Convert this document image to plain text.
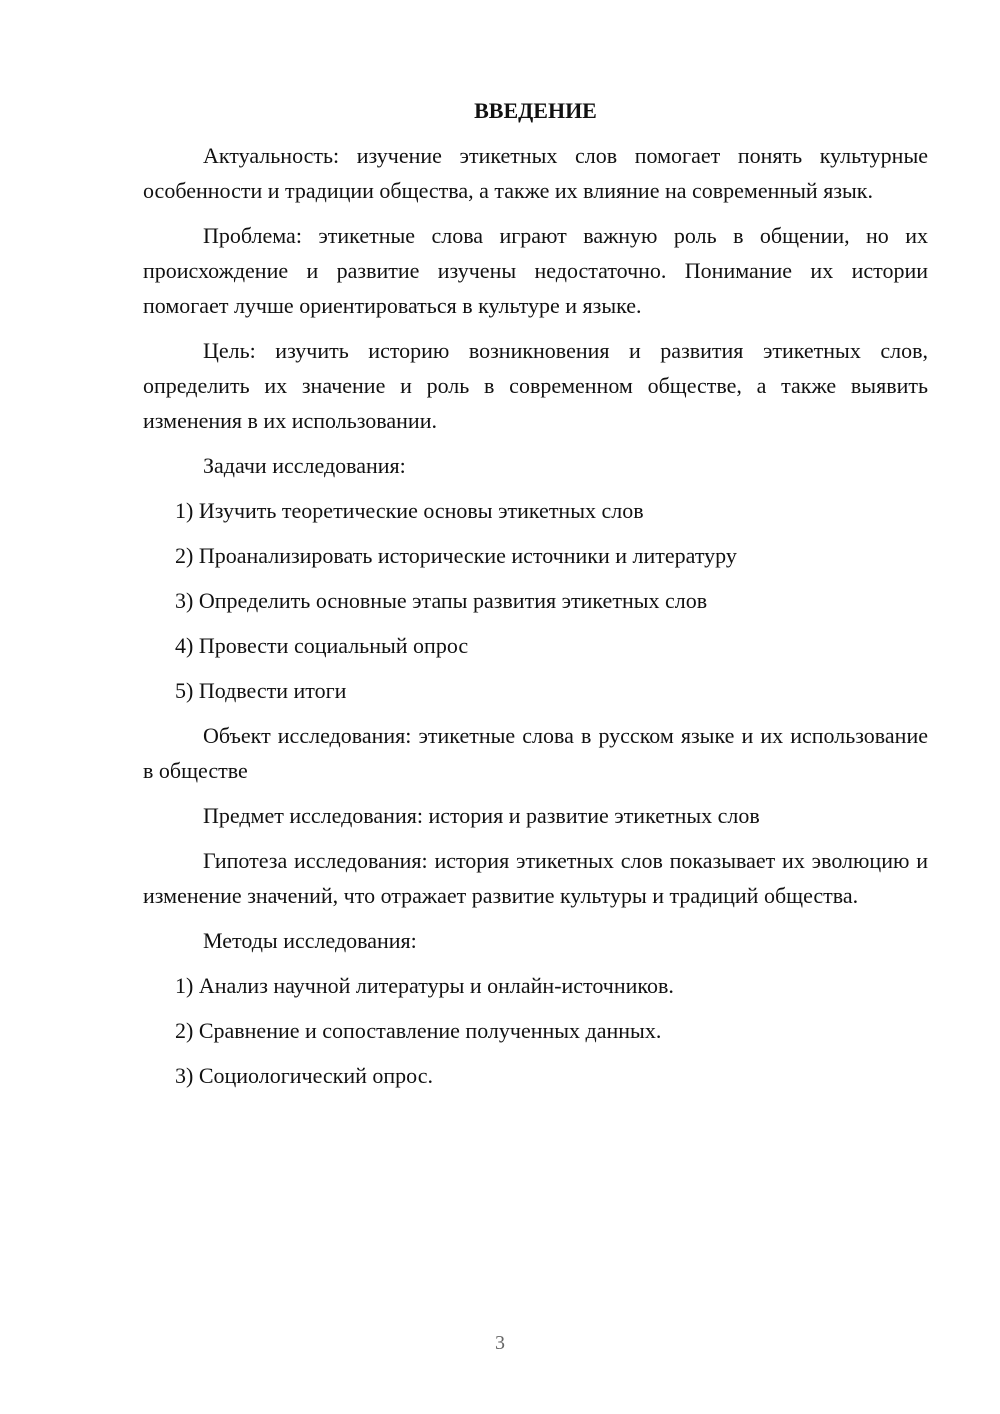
ВВЕДЕНИЕ

Актуальность: изучение этикетных слов помогает понять культурные особенности и традиции общества, а также их влияние на современный язык.

Проблема: этикетные слова играют важную роль в общении, но их происхождение и развитие изучены недостаточно. Понимание их истории помогает лучше ориентироваться в культуре и языке.

Цель: изучить историю возникновения и развития этикетных слов, определить их значение и роль в современном обществе, а также выявить изменения в их использовании.

Задачи исследования:

1) Изучить теоретические основы этикетных слов
2) Проанализировать исторические источники и литературу
3) Определить основные этапы развития этикетных слов
4) Провести социальный опрос
5) Подвести итоги

Объект исследования: этикетные слова в русском языке и их использование в обществе

Предмет исследования: история и развитие этикетных слов

Гипотеза исследования: история этикетных слов показывает их эволюцию и изменение значений, что отражает развитие культуры и традиций общества.

Методы исследования:

1) Анализ научной литературы и онлайн-источников.
2) Сравнение и сопоставление полученных данных.
3) Социологический опрос.
3
